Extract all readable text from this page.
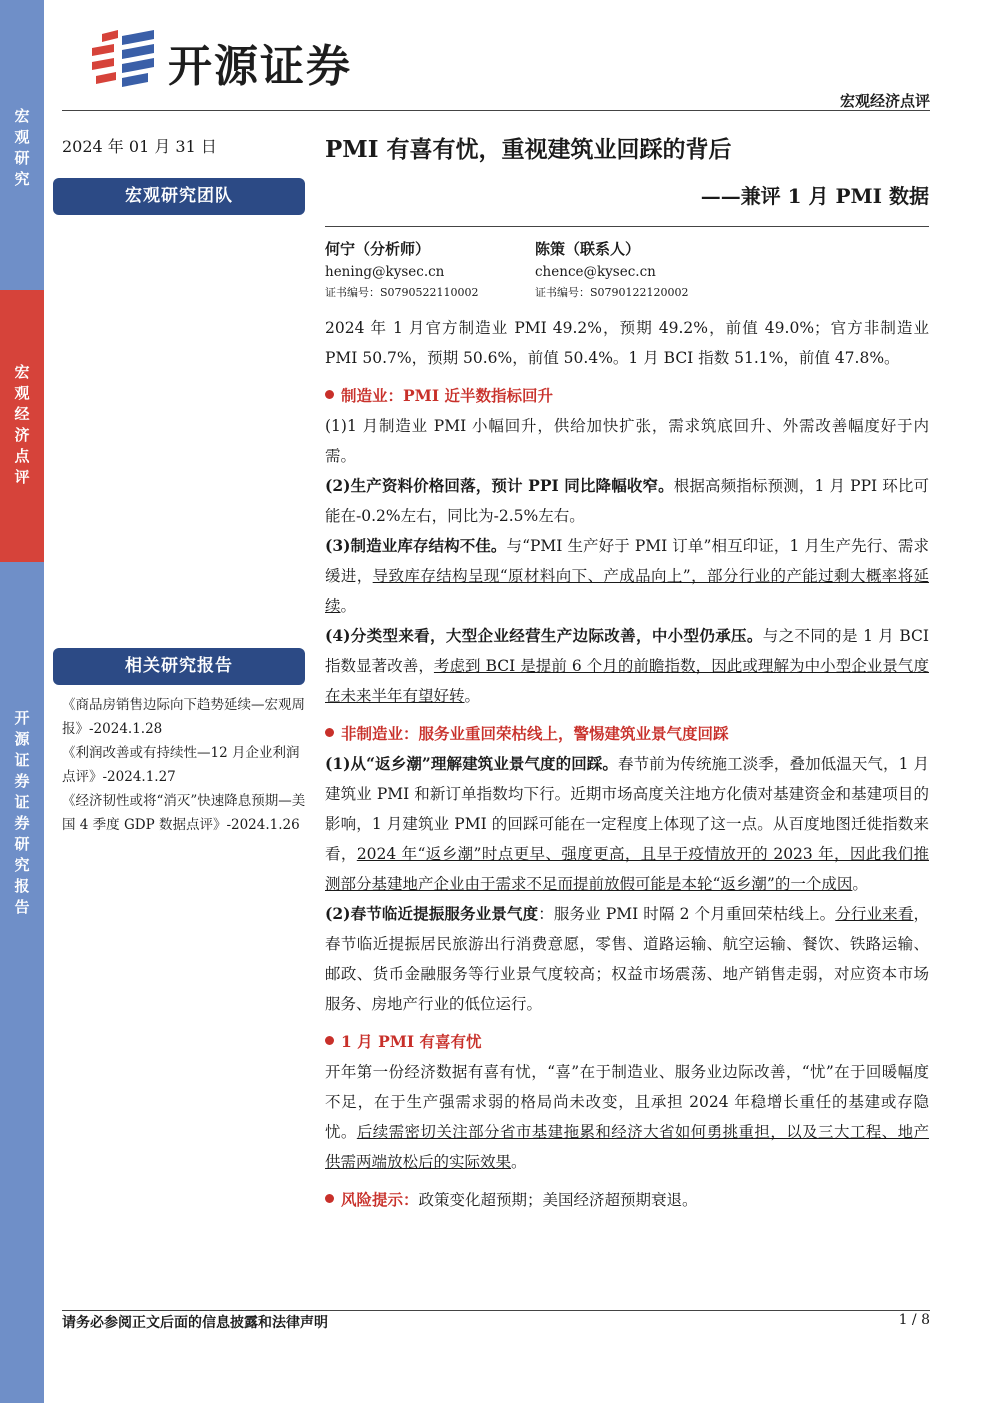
宏观研究
宏观经济点评
开源证券 证券研究报告
开源证券
宏观经济点评
2024 年 01 月 31 日
宏观研究团队
相关研究报告
《商品房销售边际向下趋势延续—宏观周报》-2024.1.28
《利润改善或有持续性—12 月企业利润点评》-2024.1.27
《经济韧性或将“消灭”快速降息预期—美国 4 季度 GDP 数据点评》-2024.1.26
PMI 有喜有忧，重视建筑业回踩的背后
——兼评 1 月 PMI 数据
何宁（分析师）
hening@kysec.cn
证书编号：S0790522110002
陈策（联系人）
chence@kysec.cn
证书编号：S0790122120002

2024 年 1 月官方制造业 PMI 49.2%，预期 49.2%，前值 49.0%；官方非制造业 PMI 50.7%，预期 50.6%，前值 50.4%。1 月 BCI 指数 51.1%，前值 47.8%。

制造业：PMI 近半数指标回升

(1)1 月制造业 PMI 小幅回升，供给加快扩张，需求筑底回升、外需改善幅度好于内需。

(2)生产资料价格回落，预计 PPI 同比降幅收窄。根据高频指标预测，1 月 PPI 环比可能在-0.2%左右，同比为-2.5%左右。

(3)制造业库存结构不佳。与“PMI 生产好于 PMI 订单”相互印证，1 月生产先行、需求缓进，导致库存结构呈现“原材料向下、产成品向上”，部分行业的产能过剩大概率将延续。

(4)分类型来看，大型企业经营生产边际改善，中小型仍承压。与之不同的是 1 月 BCI 指数显著改善，考虑到 BCI 是提前 6 个月的前瞻指数，因此或理解为中小型企业景气度在未来半年有望好转。

非制造业：服务业重回荣枯线上，警惕建筑业景气度回踩

(1)从“返乡潮”理解建筑业景气度的回踩。春节前为传统施工淡季，叠加低温天气，1 月建筑业 PMI 和新订单指数均下行。近期市场高度关注地方化债对基建资金和基建项目的影响，1 月建筑业 PMI 的回踩可能在一定程度上体现了这一点。从百度地图迁徙指数来看，2024 年“返乡潮”时点更早、强度更高，且早于疫情放开的 2023 年，因此我们推测部分基建地产企业由于需求不足而提前放假可能是本轮“返乡潮”的一个成因。

(2)春节临近提振服务业景气度：服务业 PMI 时隔 2 个月重回荣枯线上。分行业来看，春节临近提振居民旅游出行消费意愿，零售、道路运输、航空运输、餐饮、铁路运输、邮政、货币金融服务等行业景气度较高；权益市场震荡、地产销售走弱，对应资本市场服务、房地产行业的低位运行。

1 月 PMI 有喜有忧

开年第一份经济数据有喜有忧，“喜”在于制造业、服务业边际改善，“忧”在于回暖幅度不足，在于生产强需求弱的格局尚未改变，且承担 2024 年稳增长重任的基建或存隐忧。后续需密切关注部分省市基建拖累和经济大省如何勇挑重担，以及三大工程、地产供需两端放松后的实际效果。

风险提示：政策变化超预期；美国经济超预期衰退。

请务必参阅正文后面的信息披露和法律声明	1 / 8
